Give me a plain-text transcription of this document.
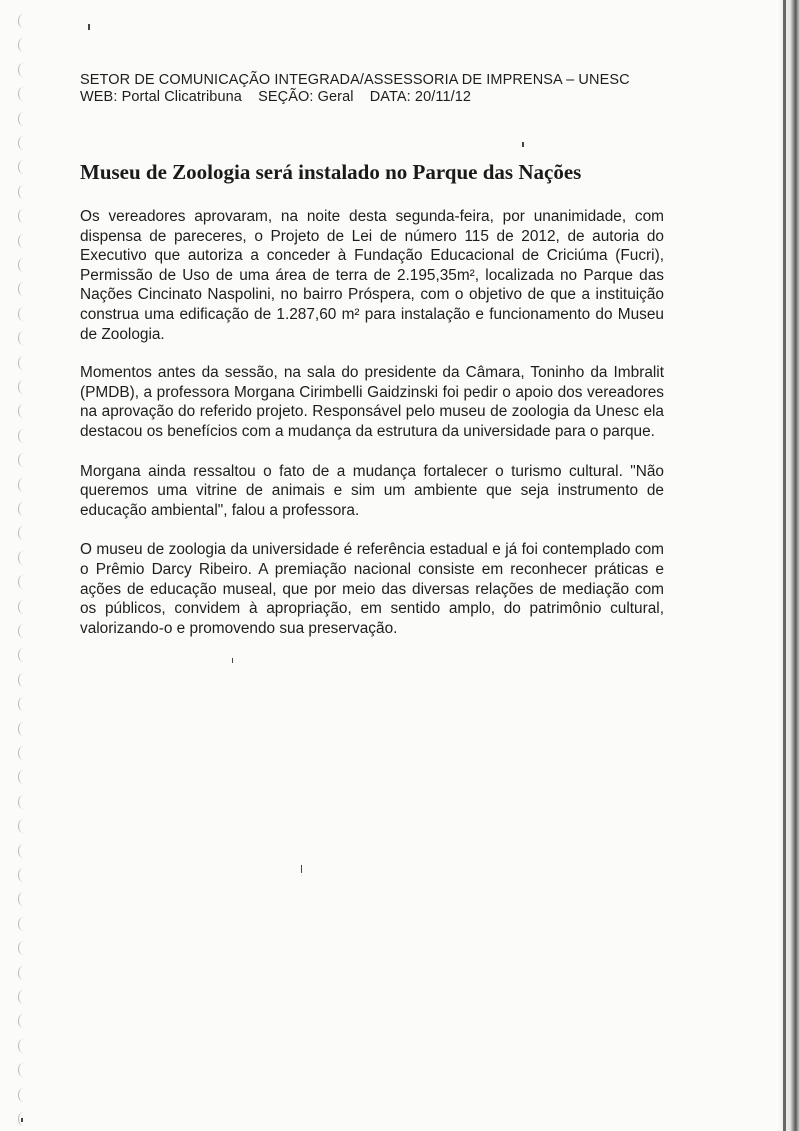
SETOR DE COMUNICAÇÃO INTEGRADA/ASSESSORIA DE IMPRENSA – UNESC
WEB: Portal Clicatribuna SEÇÃO: Geral DATA: 20/11/12
Museu de Zoologia será instalado no Parque das Nações

Os vereadores aprovaram, na noite desta segunda-feira, por unanimidade, com dispensa de pareceres, o Projeto de Lei de número 115 de 2012, de autoria do Executivo que autoriza a conceder à Fundação Educacional de Criciúma (Fucri), Permissão de Uso de uma área de terra de 2.195,35m², localizada no Parque das Nações Cincinato Naspolini, no bairro Próspera, com o objetivo de que a instituição construa uma edificação de 1.287,60 m² para instalação e funcionamento do Museu de Zoologia.

Momentos antes da sessão, na sala do presidente da Câmara, Toninho da Imbralit (PMDB), a professora Morgana Cirimbelli Gaidzinski foi pedir o apoio dos vereadores na aprovação do referido projeto. Responsável pelo museu de zoologia da Unesc ela destacou os benefícios com a mudança da estrutura da universidade para o parque.

Morgana ainda ressaltou o fato de a mudança fortalecer o turismo cultural. "Não queremos uma vitrine de animais e sim um ambiente que seja instrumento de educação ambiental", falou a professora.

O museu de zoologia da universidade é referência estadual e já foi contemplado com o Prêmio Darcy Ribeiro. A premiação nacional consiste em reconhecer práticas e ações de educação museal, que por meio das diversas relações de mediação com os públicos, convidem à apropriação, em sentido amplo, do patrimônio cultural, valorizando-o e promovendo sua preservação.
